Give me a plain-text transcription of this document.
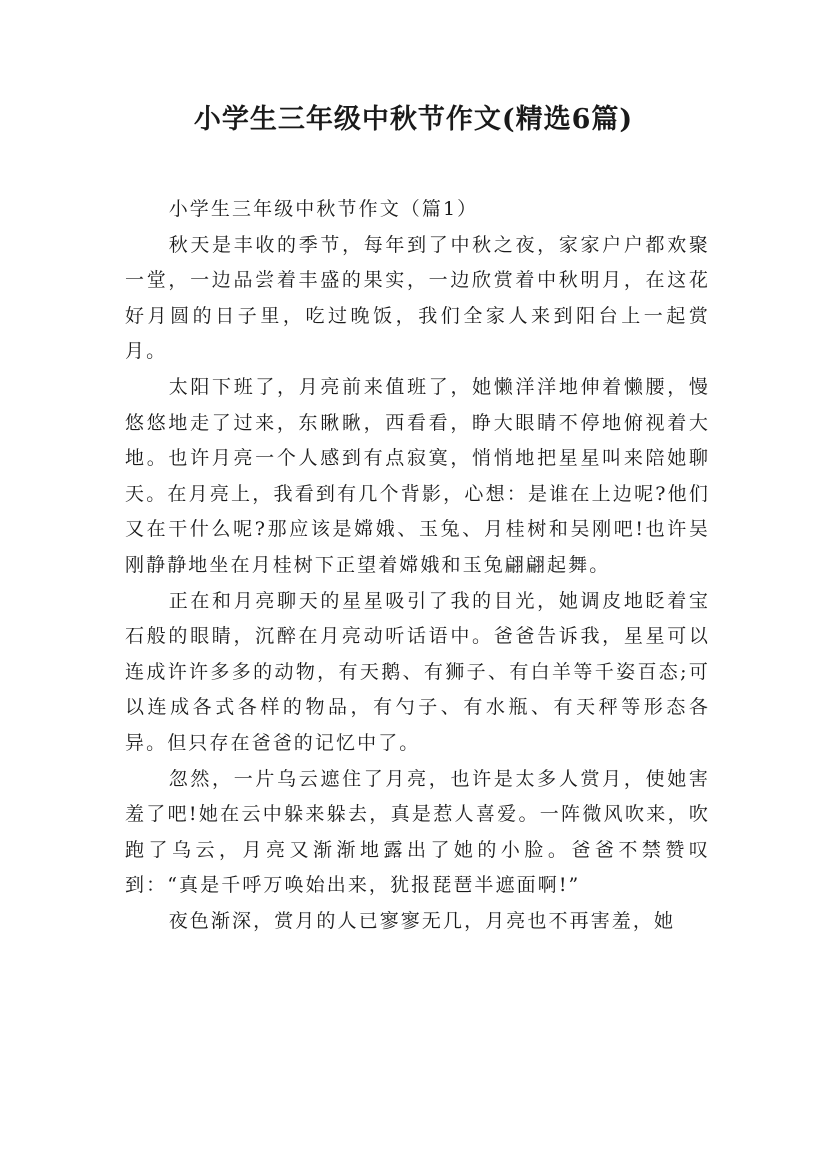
小学生三年级中秋节作文(精选6篇)

小学生三年级中秋节作文（篇1）

秋天是丰收的季节，每年到了中秋之夜，家家户户都欢聚一堂，一边品尝着丰盛的果实，一边欣赏着中秋明月，在这花好月圆的日子里，吃过晚饭，我们全家人来到阳台上一起赏月。

太阳下班了，月亮前来值班了，她懒洋洋地伸着懒腰，慢悠悠地走了过来，东瞅瞅，西看看，睁大眼睛不停地俯视着大地。也许月亮一个人感到有点寂寞，悄悄地把星星叫来陪她聊天。在月亮上，我看到有几个背影，心想：是谁在上边呢?他们又在干什么呢?那应该是嫦娥、玉兔、月桂树和吴刚吧!也许吴刚静静地坐在月桂树下正望着嫦娥和玉兔翩翩起舞。

正在和月亮聊天的星星吸引了我的目光，她调皮地眨着宝石般的眼睛，沉醉在月亮动听话语中。爸爸告诉我，星星可以连成许许多多的动物，有天鹅、有狮子、有白羊等千姿百态;可以连成各式各样的物品，有勺子、有水瓶、有天秤等形态各异。但只存在爸爸的记忆中了。

忽然，一片乌云遮住了月亮，也许是太多人赏月，使她害羞了吧!她在云中躲来躲去，真是惹人喜爱。一阵微风吹来，吹跑了乌云，月亮又渐渐地露出了她的小脸。爸爸不禁赞叹到：“真是千呼万唤始出来，犹报琵琶半遮面啊!”

夜色渐深，赏月的人已寥寥无几，月亮也不再害羞，她
